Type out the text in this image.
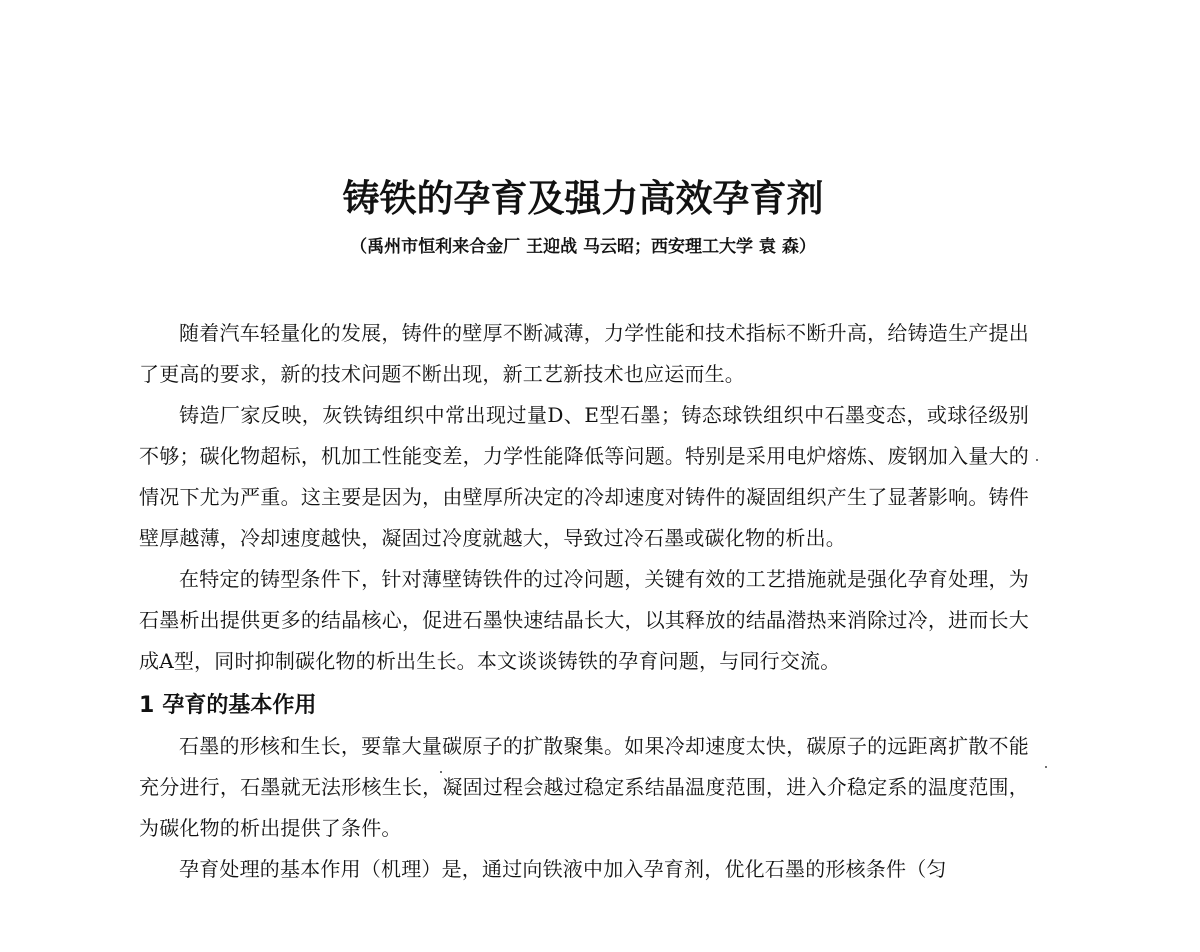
铸铁的孕育及强力高效孕育剂
（禹州市恒利来合金厂 王迎战 马云昭；西安理工大学 袁 森）

随着汽车轻量化的发展，铸件的壁厚不断减薄，力学性能和技术指标不断升高，给铸造生产提出了更高的要求，新的技术问题不断出现，新工艺新技术也应运而生。

铸造厂家反映，灰铁铸组织中常出现过量D、E型石墨；铸态球铁组织中石墨变态，或球径级别不够；碳化物超标，机加工性能变差，力学性能降低等问题。特别是采用电炉熔炼、废钢加入量大的情况下尤为严重。这主要是因为，由壁厚所决定的冷却速度对铸件的凝固组织产生了显著影响。铸件壁厚越薄，冷却速度越快，凝固过冷度就越大，导致过冷石墨或碳化物的析出。

在特定的铸型条件下，针对薄壁铸铁件的过冷问题，关键有效的工艺措施就是强化孕育处理，为石墨析出提供更多的结晶核心，促进石墨快速结晶长大，以其释放的结晶潜热来消除过冷，进而长大成A型，同时抑制碳化物的析出生长。本文谈谈铸铁的孕育问题，与同行交流。

1 孕育的基本作用

石墨的形核和生长，要靠大量碳原子的扩散聚集。如果冷却速度太快，碳原子的远距离扩散不能充分进行，石墨就无法形核生长，凝固过程会越过稳定系结晶温度范围，进入介稳定系的温度范围，为碳化物的析出提供了条件。

孕育处理的基本作用（机理）是，通过向铁液中加入孕育剂，优化石墨的形核条件（匀
